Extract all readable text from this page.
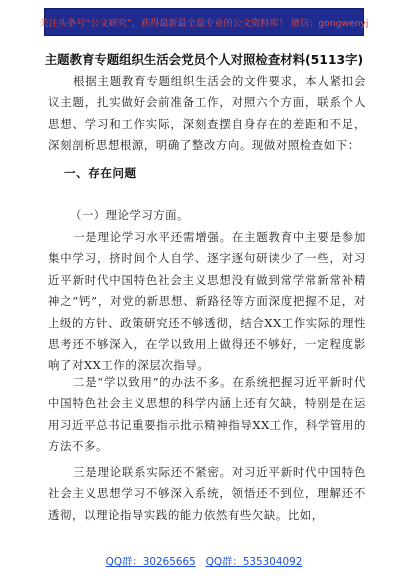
关注头条号“公文研究”，获得最新最全最专业的公文资料库！ 微信：gongwenyj
主题教育专题组织生活会党员个人对照检查材料(5113字)
根据主题教育专题组织生活会的文件要求，本人紧扣会议主题，扎实做好会前准备工作，对照六个方面，联系个人思想、学习和工作实际，深刻查摆自身存在的差距和不足，深刻剖析思想根源，明确了整改方向。现做对照检查如下：
一、存在问题
（一）理论学习方面。
一是理论学习水平还需增强。在主题教育中主要是参加集中学习，挤时间个人自学、逐字逐句研读少了一些，对习近平新时代中国特色社会主义思想没有做到常学常新常补精神之“钙”，对党的新思想、新路径等方面深度把握不足，对上级的方针、政策研究还不够透彻，结合XX工作实际的理性思考还不够深入，在学以致用上做得还不够好，一定程度影响了对XX工作的深层次指导。
二是“学以致用”的办法不多。在系统把握习近平新时代中国特色社会主义思想的科学内涵上还有欠缺，特别是在运用习近平总书记重要指示批示精神指导XX工作，科学管用的方法不多。
三是理论联系实际还不紧密。对习近平新时代中国特色社会主义思想学习不够深入系统，领悟还不到位，理解还不透彻，以理论指导实践的能力依然有些欠缺。比如，
QQ群：30265665 QQ群：535304092
